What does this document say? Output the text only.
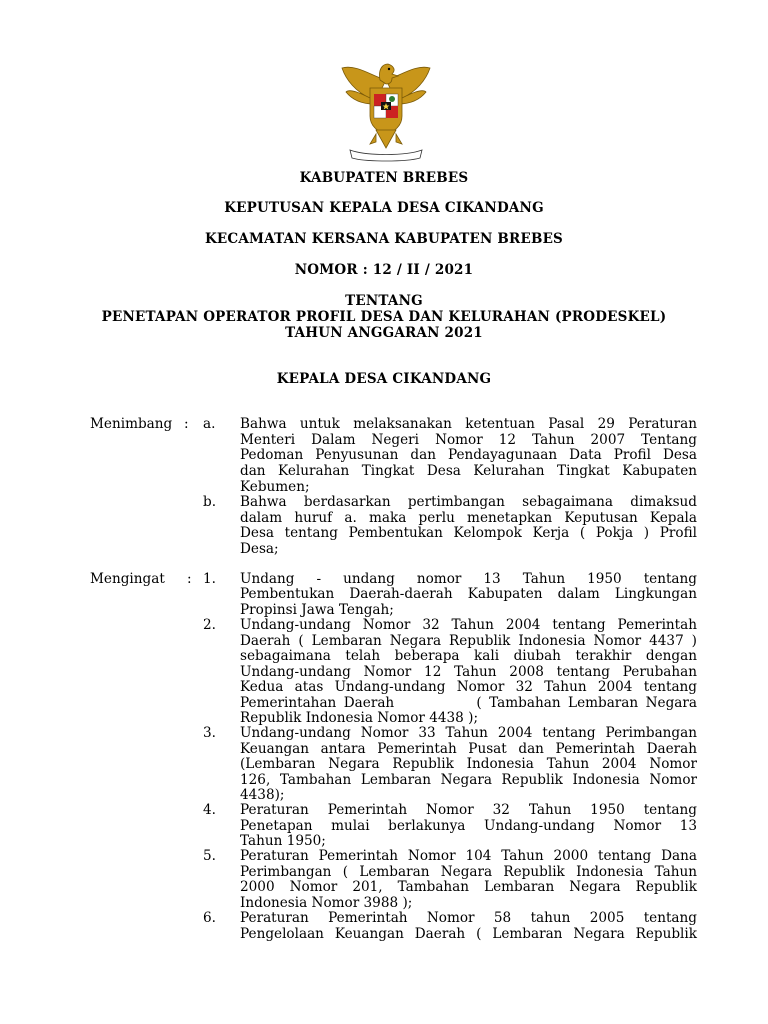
KABUPATEN BREBES
KEPUTUSAN KEPALA DESA CIKANDANG
KECAMATAN KERSANA KABUPATEN BREBES
NOMOR : 12 / II / 2021
TENTANG
PENETAPAN OPERATOR PROFIL DESA DAN KELURAHAN (PRODESKEL)
TAHUN ANGGARAN 2021
KEPALA DESA CIKANDANG
Menimbang : a. Bahwa untuk melaksanakan ketentuan Pasal 29 Peraturan
Menteri Dalam Negeri Nomor 12 Tahun 2007 Tentang
Pedoman Penyusunan dan Pendayagunaan Data Profil Desa
dan Kelurahan Tingkat Desa Kelurahan Tingkat Kabupaten
Kebumen;
b. Bahwa berdasarkan pertimbangan sebagaimana dimaksud
dalam huruf a. maka perlu menetapkan Keputusan Kepala
Desa tentang Pembentukan Kelompok Kerja ( Pokja ) Profil
Desa;
Mengingat : 1. Undang - undang nomor 13 Tahun 1950 tentang
Pembentukan Daerah-daerah Kabupaten dalam Lingkungan
Propinsi Jawa Tengah;
2. Undang-undang Nomor 32 Tahun 2004 tentang Pemerintah
Daerah ( Lembaran Negara Republik Indonesia Nomor 4437 )
sebagaimana telah beberapa kali diubah terakhir dengan
Undang-undang Nomor 12 Tahun 2008 tentang Perubahan
Kedua atas Undang-undang Nomor 32 Tahun 2004 tentang
Pemerintahan Daerah           ( Tambahan Lembaran Negara
Republik Indonesia Nomor 4438 );
3. Undang-undang Nomor 33 Tahun 2004 tentang Perimbangan
Keuangan antara Pemerintah Pusat dan Pemerintah Daerah
(Lembaran Negara Republik Indonesia Tahun 2004 Nomor
126, Tambahan Lembaran Negara Republik Indonesia Nomor
4438);
4. Peraturan Pemerintah Nomor 32 Tahun 1950 tentang
Penetapan mulai berlakunya Undang-undang Nomor 13
Tahun 1950;
5. Peraturan Pemerintah Nomor 104 Tahun 2000 tentang Dana
Perimbangan ( Lembaran Negara Republik Indonesia Tahun
2000 Nomor 201, Tambahan Lembaran Negara Republik
Indonesia Nomor 3988 );
6. Peraturan Pemerintah Nomor 58 tahun 2005 tentang
Pengelolaan Keuangan Daerah ( Lembaran Negara Republik
